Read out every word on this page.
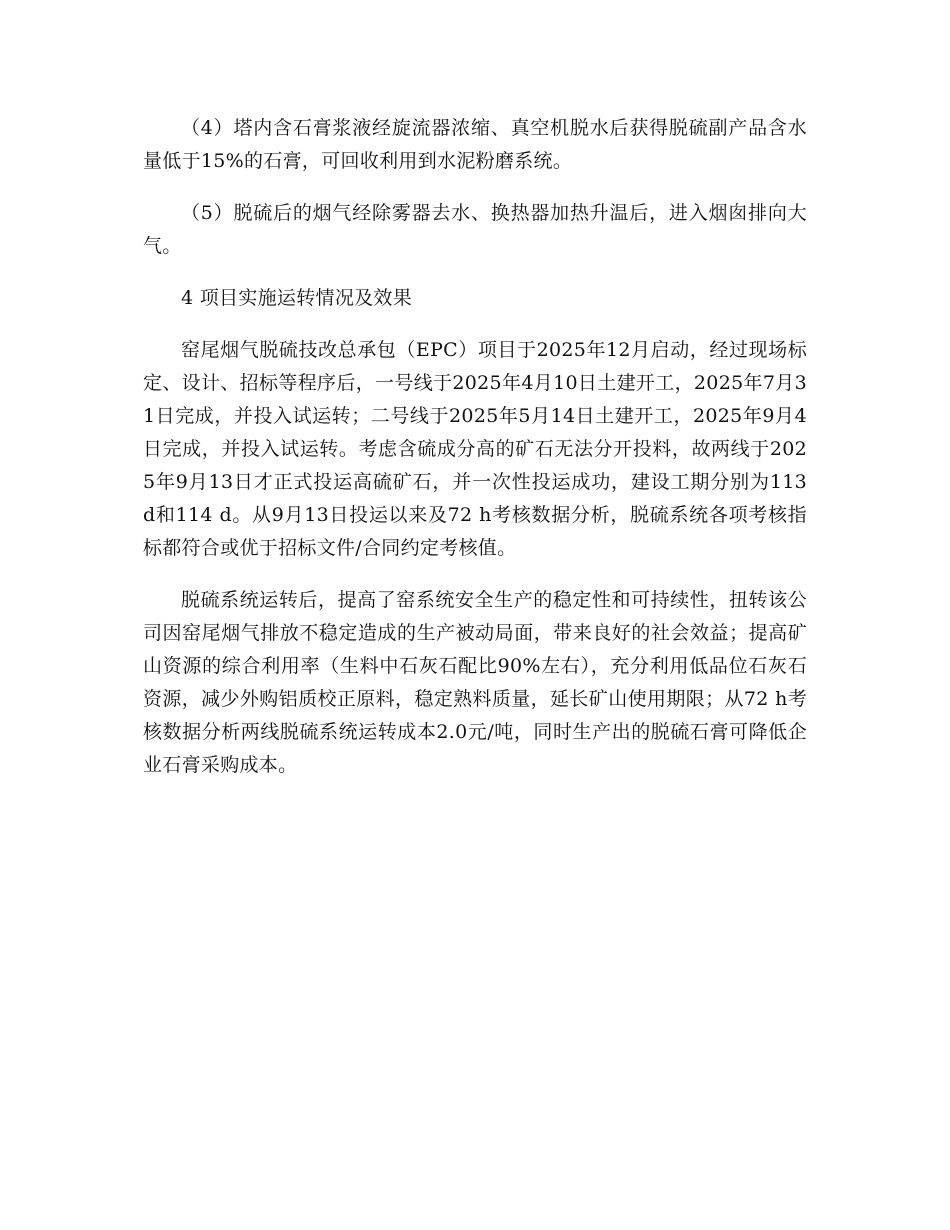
（4）塔内含石膏浆液经旋流器浓缩、真空机脱水后获得脱硫副产品含水量低于15%的石膏，可回收利用到水泥粉磨系统。

（5）脱硫后的烟气经除雾器去水、换热器加热升温后，进入烟囱排向大气。

4 项目实施运转情况及效果

窑尾烟气脱硫技改总承包（EPC）项目于2025年12月启动，经过现场标定、设计、招标等程序后，一号线于2025年4月10日土建开工，2025年7月31日完成，并投入试运转；二号线于2025年5月14日土建开工，2025年9月4日完成，并投入试运转。考虑含硫成分高的矿石无法分开投料，故两线于2025年9月13日才正式投运高硫矿石，并一次性投运成功，建设工期分别为113 d和114 d。从9月13日投运以来及72 h考核数据分析，脱硫系统各项考核指标都符合或优于招标文件/合同约定考核值。

脱硫系统运转后，提高了窑系统安全生产的稳定性和可持续性，扭转该公司因窑尾烟气排放不稳定造成的生产被动局面，带来良好的社会效益；提高矿山资源的综合利用率（生料中石灰石配比90%左右），充分利用低品位石灰石资源，减少外购铝质校正原料，稳定熟料质量，延长矿山使用期限；从72 h考核数据分析两线脱硫系统运转成本2.0元/吨，同时生产出的脱硫石膏可降低企业石膏采购成本。
